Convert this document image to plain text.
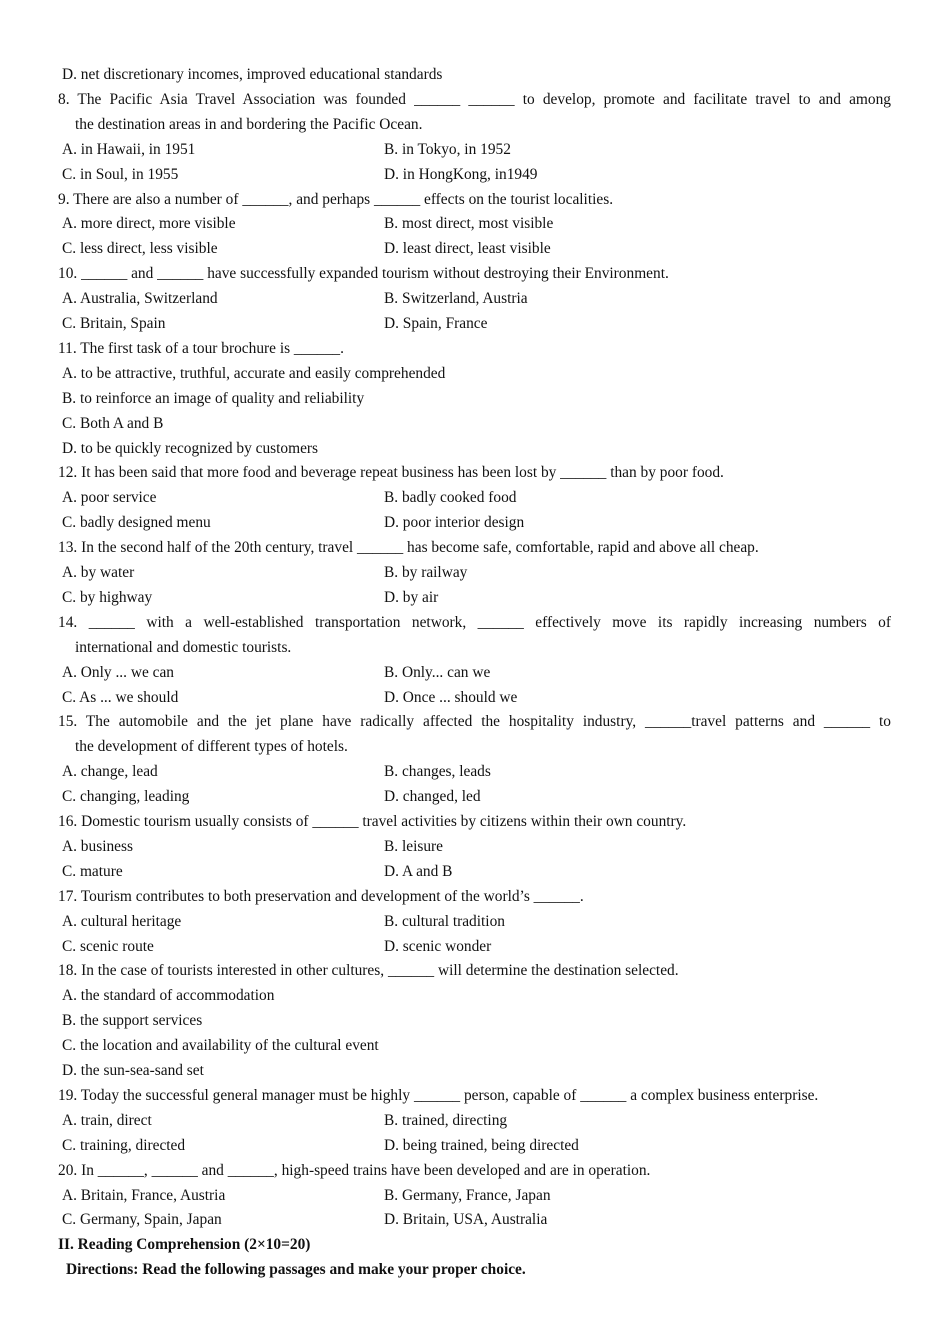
D. net discretionary incomes, improved educational standards
8. The Pacific Asia Travel Association was founded ______ ______ to develop, promote and facilitate travel to and among
the destination areas in and bordering the Pacific Ocean.
A. in Hawaii, in 1951	B. in Tokyo, in 1952
C. in Soul, in 1955	D. in HongKong, in1949
9. There are also a number of ______, and perhaps ______ effects on the tourist localities.
A. more direct, more visible	B. most direct, most visible
C. less direct, less visible	D. least direct, least visible
10. ______ and ______ have successfully expanded tourism without destroying their Environment.
A. Australia, Switzerland	B. Switzerland, Austria
C. Britain, Spain	D. Spain, France
11. The first task of a tour brochure is ______.
A. to be attractive, truthful, accurate and easily comprehended
B. to reinforce an image of quality and reliability
C. Both A and B
D. to be quickly recognized by customers
12. It has been said that more food and beverage repeat business has been lost by ______ than by poor food.
A. poor service	B. badly cooked food
C. badly designed menu	D. poor interior design
13. In the second half of the 20th century, travel ______ has become safe, comfortable, rapid and above all cheap.
A. by water	B. by railway
C. by highway	D. by air
14. ______ with a well-established transportation network, ______ effectively move its rapidly increasing numbers of
international and domestic tourists.
A. Only ... we can	B. Only... can we
C. As ... we should	D. Once ... should we
15. The automobile and the jet plane have radically affected the hospitality industry, ______travel patterns and ______ to
the development of different types of hotels.
A. change, lead	B. changes, leads
C. changing, leading	D. changed, led
16. Domestic tourism usually consists of ______ travel activities by citizens within their own country.
A. business	B. leisure
C. mature	D. A and B
17. Tourism contributes to both preservation and development of the world’s ______.
A. cultural heritage	B. cultural tradition
C. scenic route	D. scenic wonder
18. In the case of tourists interested in other cultures, ______ will determine the destination selected.
A. the standard of accommodation
B. the support services
C. the location and availability of the cultural event
D. the sun-sea-sand set
19. Today the successful general manager must be highly ______ person, capable of ______ a complex business enterprise.
A. train, direct	B. trained, directing
C. training, directed	D. being trained, being directed
20. In ______, ______ and ______, high-speed trains have been developed and are in operation.
A. Britain, France, Austria	B. Germany, France, Japan
C. Germany, Spain, Japan	D. Britain, USA, Australia
II. Reading Comprehension (2×10=20)
Directions: Read the following passages and make your proper choice.
